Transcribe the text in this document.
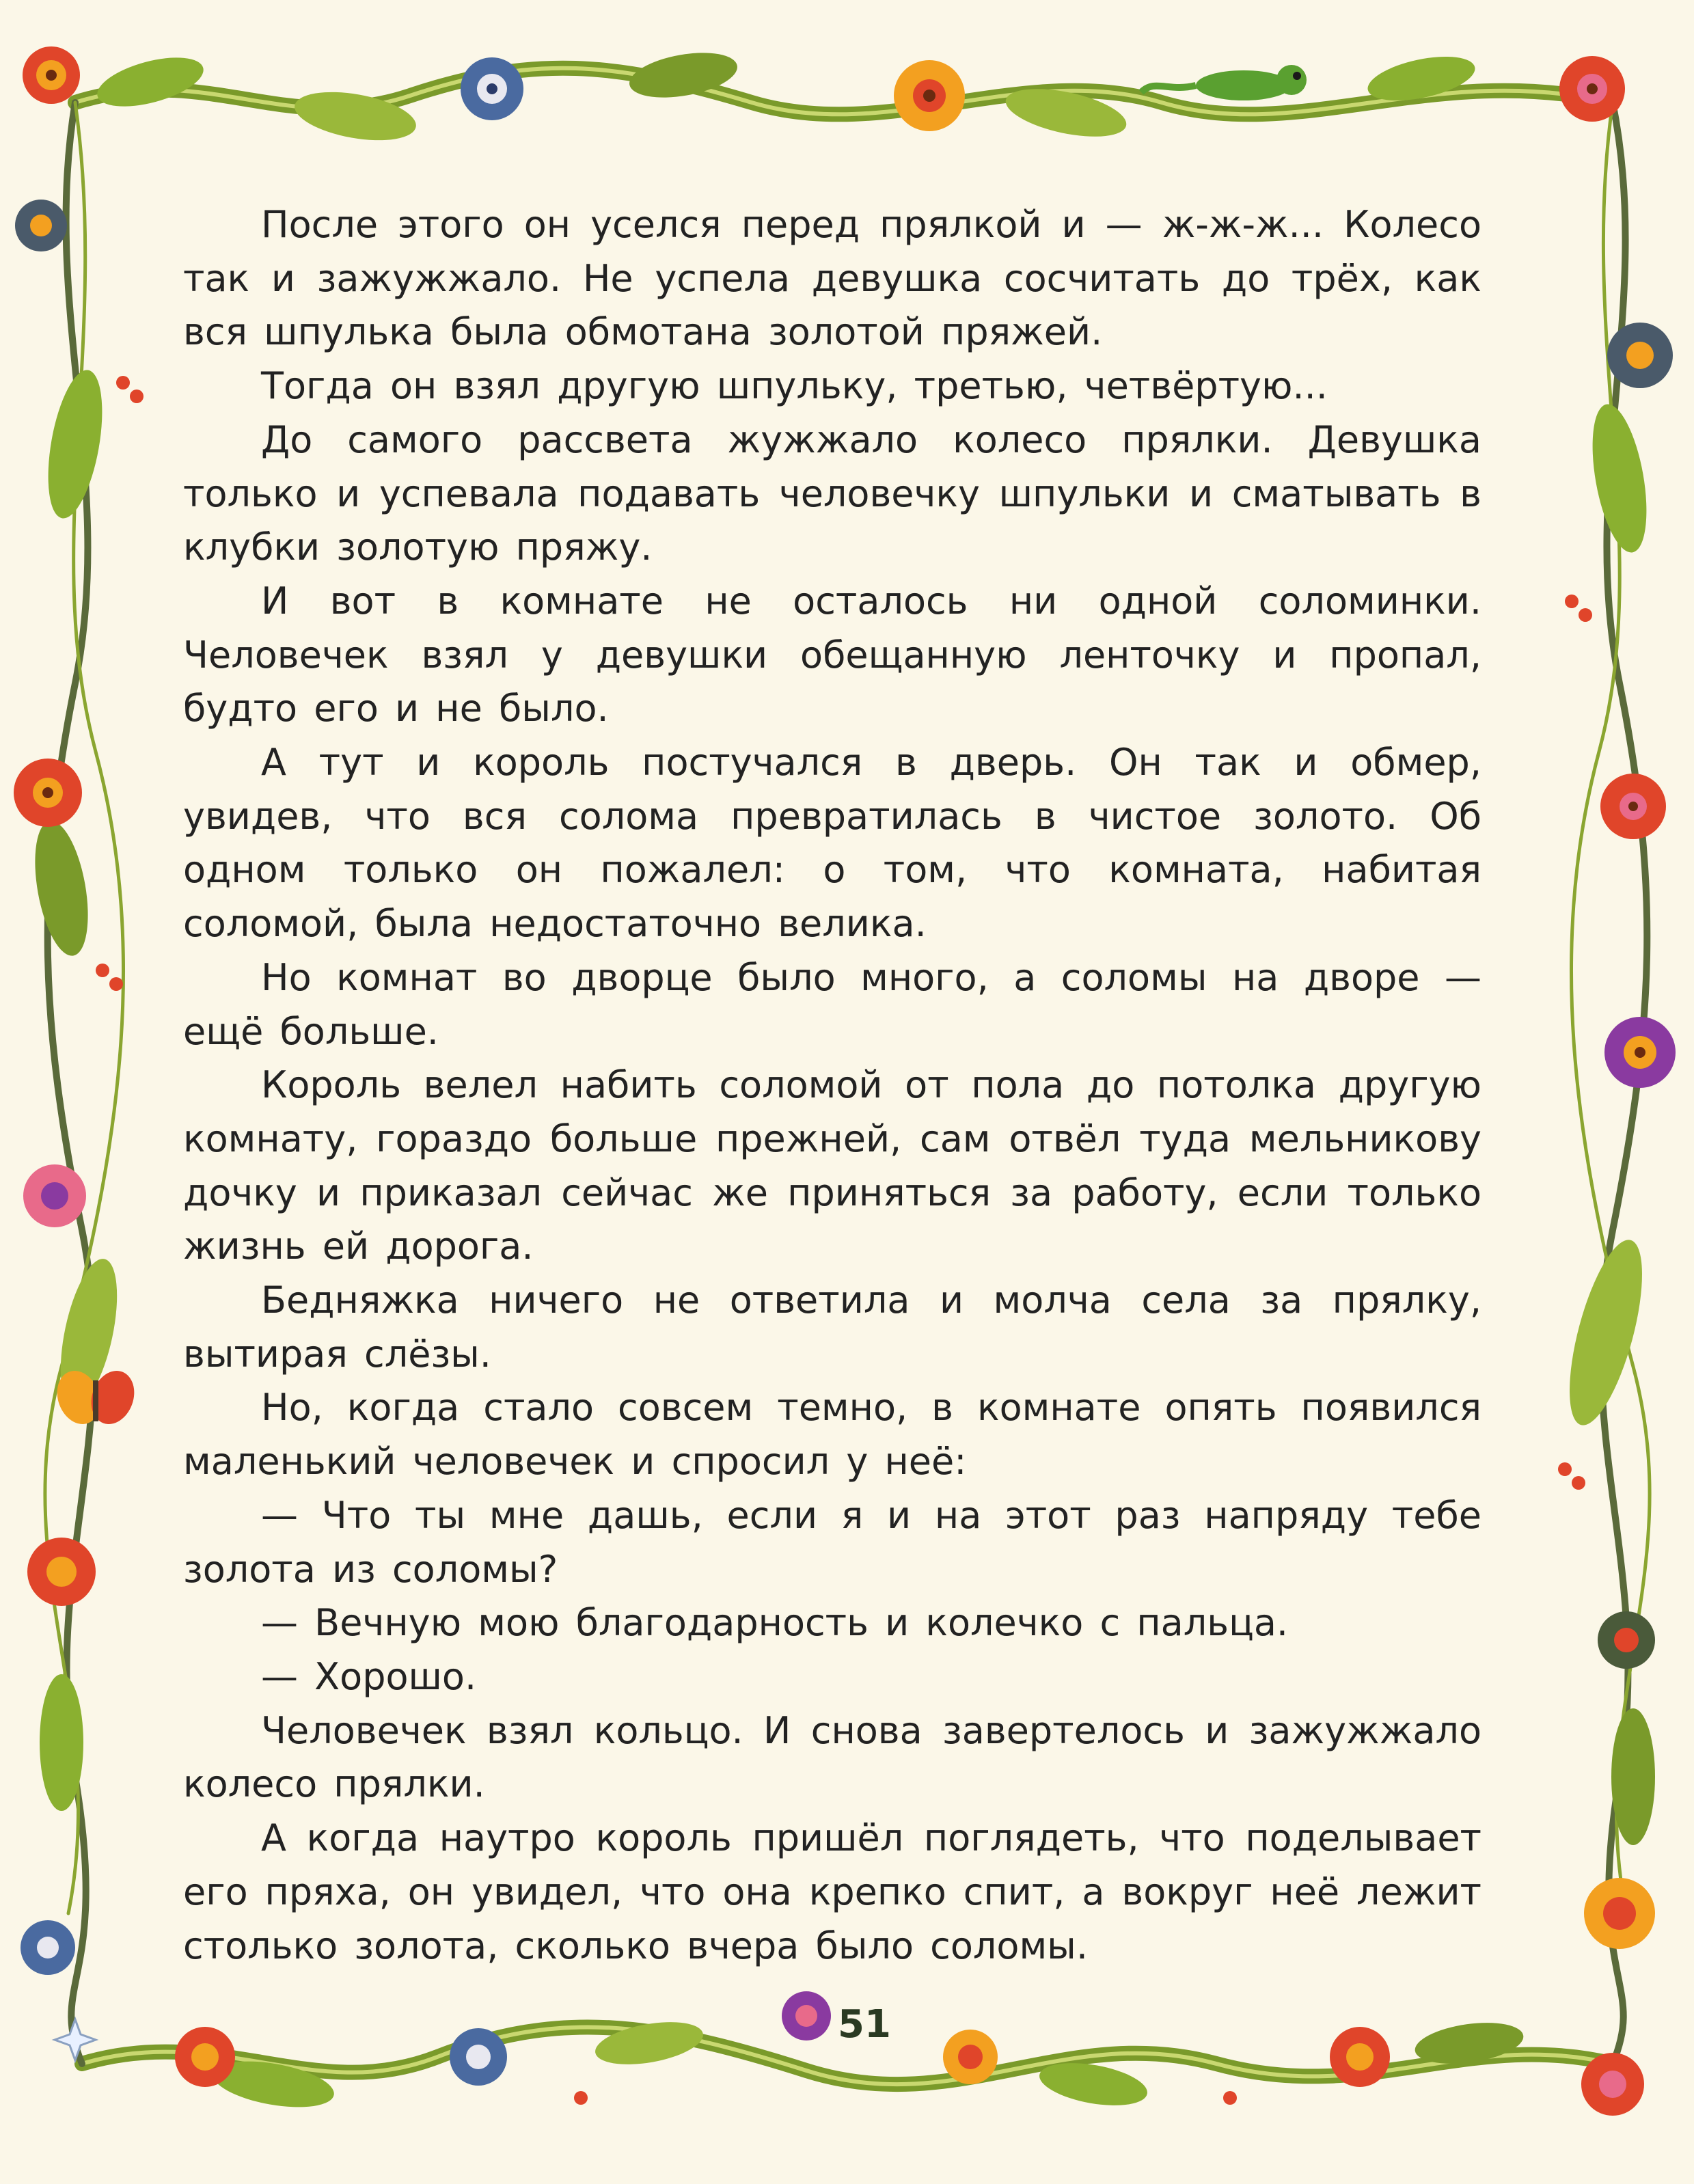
После этого он уселся перед прялкой и — ж-ж-ж... Колесо так и зажужжало. Не успела девушка сосчитать до трёх, как вся шпулька была обмотана золотой пряжей.

Тогда он взял другую шпульку, третью, четвёртую...

До самого рассвета жужжало колесо прялки. Девушка только и успевала подавать человечку шпульки и сматывать в клубки золотую пряжу.

И вот в комнате не осталось ни одной соломинки. Человечек взял у девушки обещанную ленточку и пропал, будто его и не было.

А тут и король постучался в дверь. Он так и обмер, увидев, что вся солома превратилась в чистое золото. Об одном только он пожалел: о том, что комната, набитая соломой, была недостаточно велика.

Но комнат во дворце было много, а соломы на дворе — ещё больше.

Король велел набить соломой от пола до потолка другую комнату, гораздо больше прежней, сам отвёл туда мельникову дочку и приказал сейчас же приняться за работу, если только жизнь ей дорога.

Бедняжка ничего не ответила и молча села за прялку, вытирая слёзы.

Но, когда стало совсем темно, в комнате опять появился маленький человечек и спросил у неё:

— Что ты мне дашь, если я и на этот раз напряду тебе золота из соломы?

— Вечную мою благодарность и колечко с пальца.

— Хорошо.

Человечек взял кольцо. И снова завертелось и зажужжало колесо прялки.

А когда наутро король пришёл поглядеть, что поделывает его пряха, он увидел, что она крепко спит, а вокруг неё лежит столько золота, сколько вчера было соломы.

51
